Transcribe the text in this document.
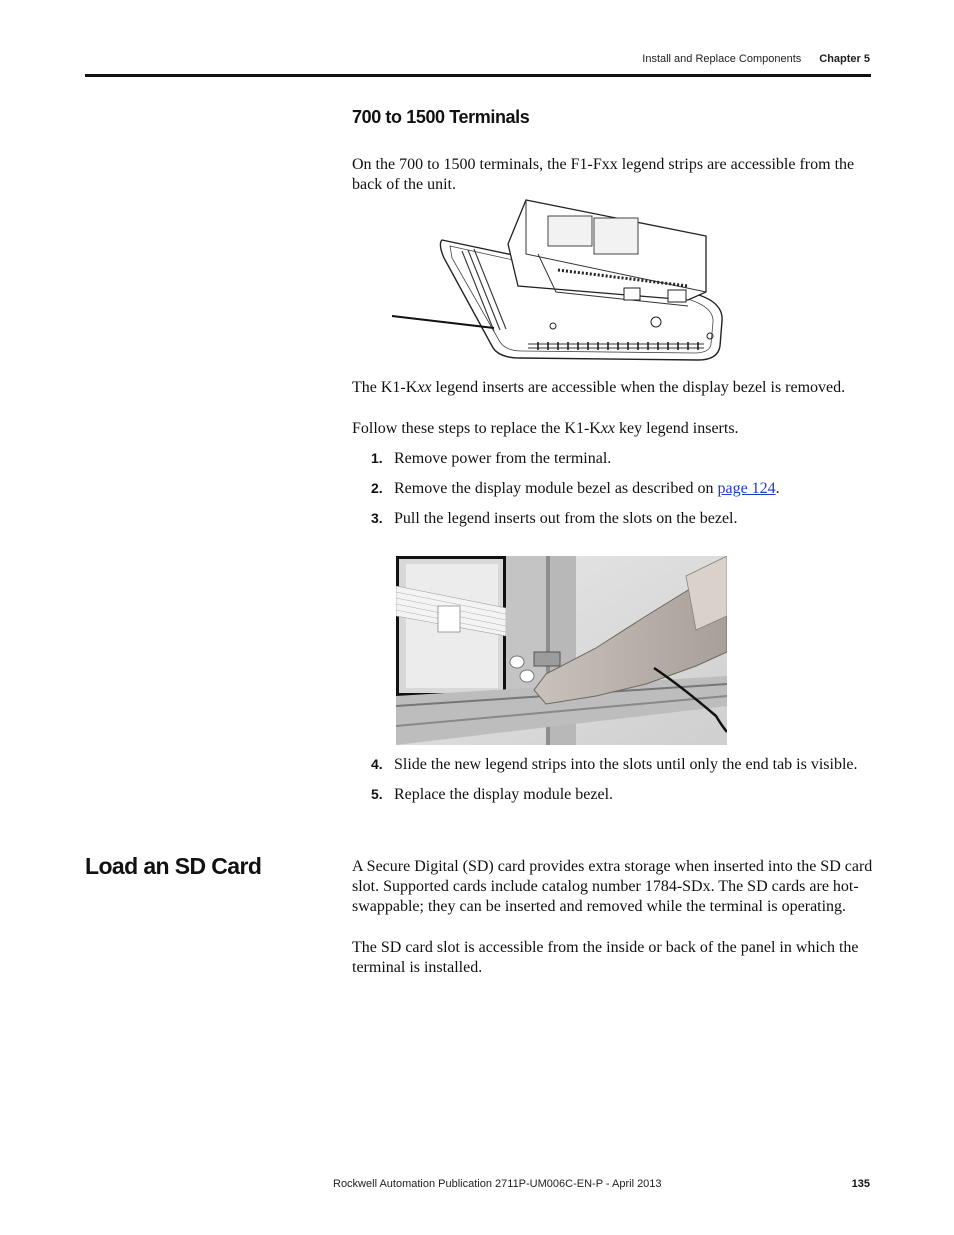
Install and Replace Components Chapter 5
700 to 1500 Terminals
On the 700 to 1500 terminals, the F1-Fxx legend strips are accessible from the back of the unit.
The K1-Kxx legend inserts are accessible when the display bezel is removed.
Follow these steps to replace the K1-Kxx key legend inserts.
1. Remove power from the terminal.
2. Remove the display module bezel as described on page 124.
3. Pull the legend inserts out from the slots on the bezel.
4. Slide the new legend strips into the slots until only the end tab is visible.
5. Replace the display module bezel.
Load an SD Card	A Secure Digital (SD) card provides extra storage when inserted into the SD card slot. Supported cards include catalog number 1784-SDx. The SD cards are hot-swappable; they can be inserted and removed while the terminal is operating.
The SD card slot is accessible from the inside or back of the panel in which the terminal is installed.
Rockwell Automation Publication 2711P-UM006C-EN-P - April 2013	135
